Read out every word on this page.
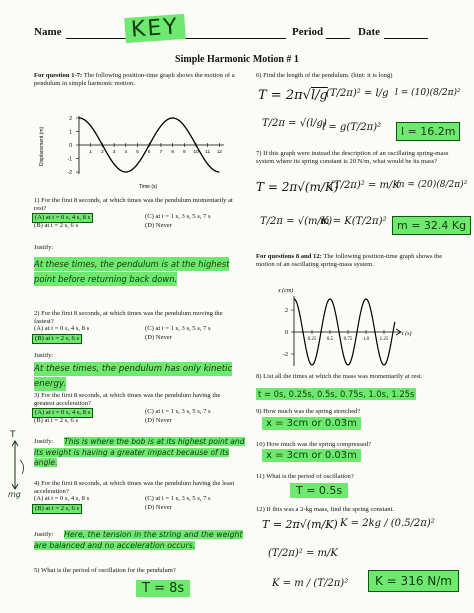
Name	KEY	Period	Date
Simple Harmonic Motion # 1
For question 1-7: The following position-time graph shows the motion of a pendulum in simple harmonic motion.
Displacement (m)
2
1
0
-1
-2
1 2 3 4 5 6 7 8 9 10 11 12
Time (s)
1) For the first 8 seconds, at which times was the pendulum momentarily at rest?
(A) at t = 0 s, 4 s, 8 s	(C) at t = 1 s, 3 s, 5 s, 7 s
(B) at t = 2 s, 6 s	(D) Never
Justify:
At these times, the pendulum is at the highest point before returning back down.
2) For the first 8 seconds, at which times was the pendulum moving the fastest?
(A) at t = 0 s, 4 s, 8 s	(C) at t = 1 s, 3 s, 5 s, 7 s
(B) at t = 2 s, 6 s	(D) Never
Justify:
At these times, the pendulum has only kinetic energy.
3) For the first 8 seconds, at which times was the pendulum having the greatest acceleration?
(A) at t = 0 s, 4 s, 8 s	(C) at t = 1 s, 3 s, 5 s, 7 s
(B) at t = 2 s, 6 s	(D) Never
Justify:	This is where the bob is at its highest point and its weight is having a greater impact because of its angle.
T
mg
4) For the first 8 seconds, at which times was the pendulum having the least acceleration?
(A) at t = 0 s, 4 s, 8 s	(C) at t = 1 s, 3 s, 5 s, 7 s
(B) at t = 2 s, 6 s	(D) Never
Justify:	Here, the tension in the string and the weight are balanced and no acceleration occurs.
5) What is the period of oscillation for the pendulum?
T = 8s
6) Find the length of the pendulum. (hint: it is long)
T = 2π√l/g
(T/2π)² = l/g l = (10)(8/2π)²
T/2π = √(l/g)
l = g(T/2π)²	l = 16.2m
7) If this graph were instead the description of an oscillating spring-mass system where its spring constant is 20 N/m, what would be its mass?
T = 2π√(m/K)
(T/2π)² = m/K
m = (20)(8/2π)²
T/2π = √(m/K)
m = K(T/2π)² m = 32.4 Kg
For questions 8 and 12: The following position-time graph shows the motion of an oscillating spring-mass system.
x (cm)
2
0
-2
0.25 0.5 0.75 1.0 1.25
t (s)
8) List all the times at which the mass was momentarily at rest.
t = 0s, 0.25s, 0.5s, 0.75s, 1.0s, 1.25s
9) How much was the spring stretched?
x = 3cm or 0.03m
10) How much was the spring compressed?
x = 3cm or 0.03m
11) What is the period of oscillation?
T = 0.5s
12) If this was a 2-kg mass, find the spring constant.
T = 2π√(m/K) K = 2kg / (0.5/2π)²
(T/2π)² = m/K
K = m / (T/2π)²	K = 316 N/m
